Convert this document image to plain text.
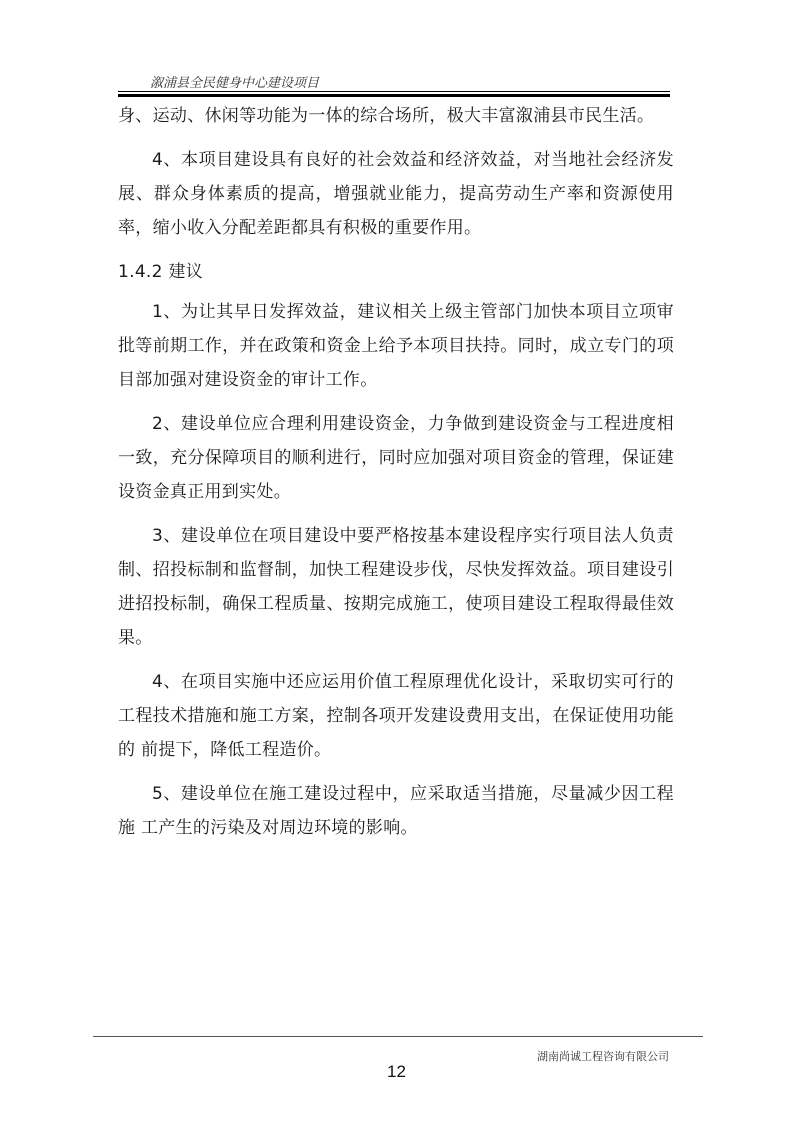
溆浦县全民健身中心建设项目

身、运动、休闲等功能为一体的综合场所，极大丰富溆浦县市民生活。

4、本项目建设具有良好的社会效益和经济效益，对当地社会经济发展、群众身体素质的提高，增强就业能力，提高劳动生产率和资源使用率，缩小收入分配差距都具有积极的重要作用。

1.4.2 建议

1、为让其早日发挥效益，建议相关上级主管部门加快本项目立项审批等前期工作，并在政策和资金上给予本项目扶持。同时，成立专门的项目部加强对建设资金的审计工作。

2、建设单位应合理利用建设资金，力争做到建设资金与工程进度相一致，充分保障项目的顺利进行，同时应加强对项目资金的管理，保证建设资金真正用到实处。

3、建设单位在项目建设中要严格按基本建设程序实行项目法人负责 制、招投标制和监督制，加快工程建设步伐，尽快发挥效益。项目建设引 进招投标制，确保工程质量、按期完成施工，使项目建设工程取得最佳效果。

4、在项目实施中还应运用价值工程原理优化设计，采取切实可行的工程技术措施和施工方案，控制各项开发建设费用支出，在保证使用功能的 前提下，降低工程造价。

5、建设单位在施工建设过程中，应采取适当措施，尽量减少因工程施 工产生的污染及对周边环境的影响。

湖南尚诚工程咨询有限公司
12
